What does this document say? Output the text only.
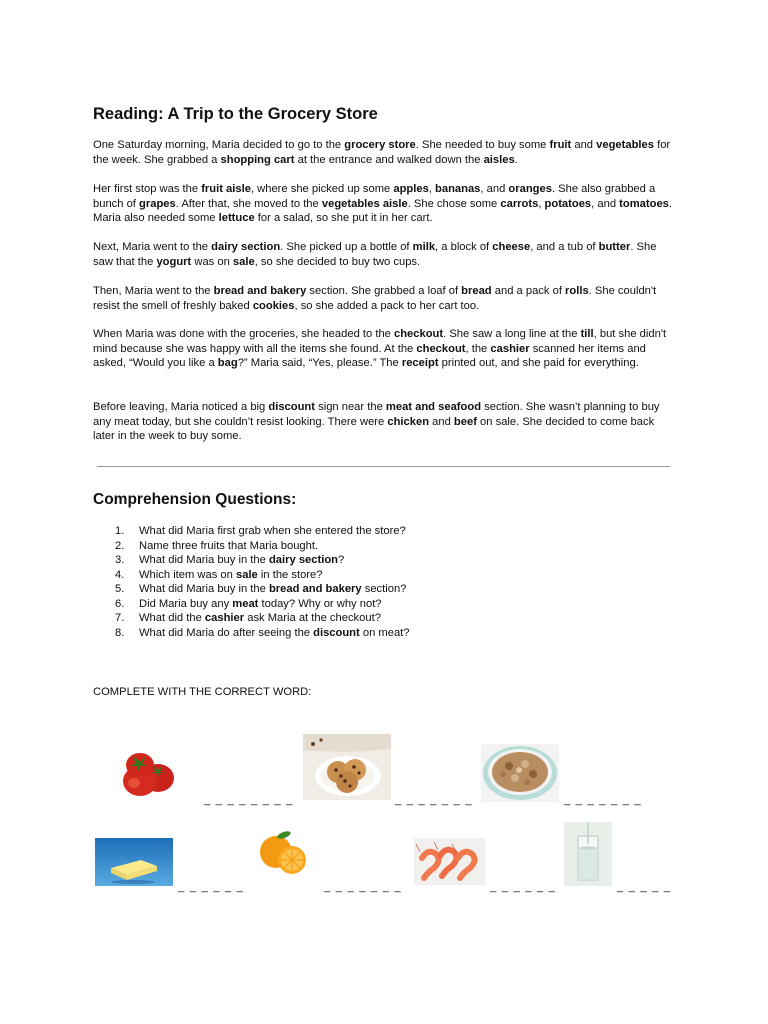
Reading: A Trip to the Grocery Store

One Saturday morning, Maria decided to go to the grocery store. She needed to buy some fruit and vegetables for the week. She grabbed a shopping cart at the entrance and walked down the aisles.

Her first stop was the fruit aisle, where she picked up some apples, bananas, and oranges. She also grabbed a bunch of grapes. After that, she moved to the vegetables aisle. She chose some carrots, potatoes, and tomatoes. Maria also needed some lettuce for a salad, so she put it in her cart.

Next, Maria went to the dairy section. She picked up a bottle of milk, a block of cheese, and a tub of butter. She saw that the yogurt was on sale, so she decided to buy two cups.

Then, Maria went to the bread and bakery section. She grabbed a loaf of bread and a pack of rolls. She couldn't resist the smell of freshly baked cookies, so she added a pack to her cart too.

When Maria was done with the groceries, she headed to the checkout. She saw a long line at the till, but she didn't mind because she was happy with all the items she found. At the checkout, the cashier scanned her items and asked, “Would you like a bag?” Maria said, “Yes, please.” The receipt printed out, and she paid for everything.

Before leaving, Maria noticed a big discount sign near the meat and seafood section. She wasn’t planning to buy any meat today, but she couldn’t resist looking. There were chicken and beef on sale. She decided to come back later in the week to buy some.

Comprehension Questions:
1. What did Maria first grab when she entered the store?
2. Name three fruits that Maria bought.
3. What did Maria buy in the dairy section?
4. Which item was on sale in the store?
5. What did Maria buy in the bread and bakery section?
6. Did Maria buy any meat today? Why or why not?
7. What did the cashier ask Maria at the checkout?
8. What did Maria do after seeing the discount on meat?

COMPLETE WITH THE CORRECT WORD:

_ _ _ _ _ _ _ _	_ _ _ _ _ _ _	_ _ _ _ _ _ _
_ _ _ _ _ _	_ _ _ _ _ _ _	_ _ _ _ _ _	_ _ _ _ _
